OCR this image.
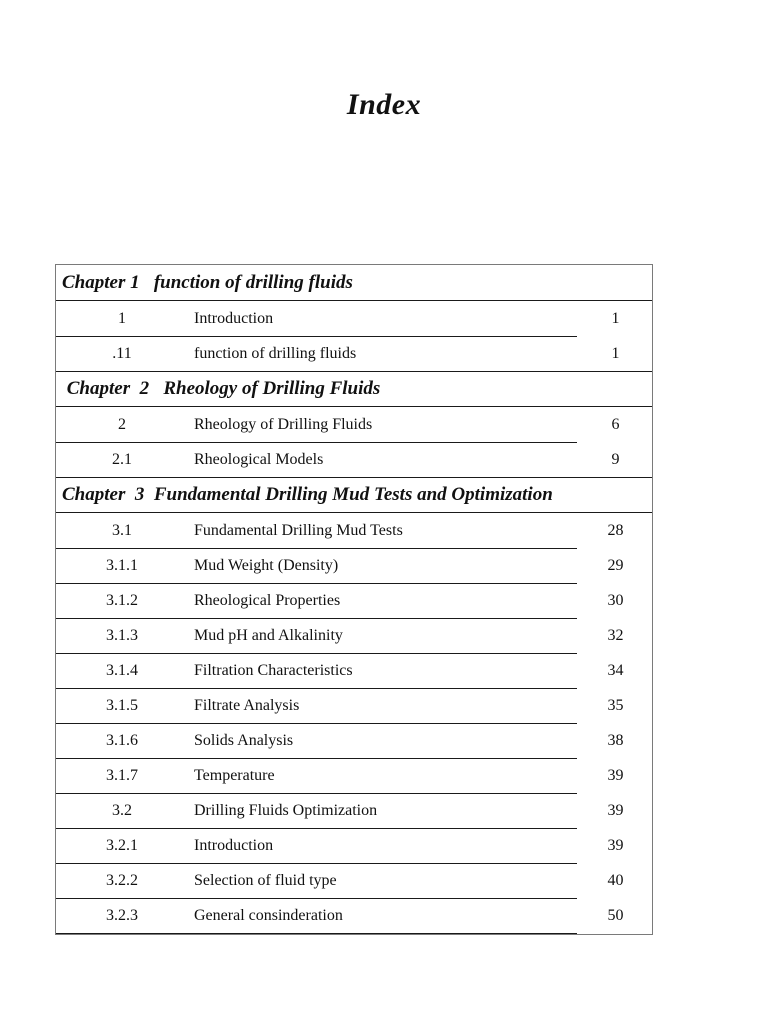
Index
Chapter 1   function of drilling fluids
1	Introduction	1
.11	function of drilling fluids	1
Chapter  2   Rheology of Drilling Fluids
2	Rheology of Drilling Fluids	6
2.1	Rheological Models	9
Chapter  3  Fundamental Drilling Mud Tests and Optimization
3.1	Fundamental Drilling Mud Tests	28
3.1.1	Mud Weight (Density)	29
3.1.2	Rheological Properties	30
3.1.3	Mud pH and Alkalinity	32
3.1.4	Filtration Characteristics	34
3.1.5	Filtrate Analysis	35
3.1.6	Solids Analysis	38
3.1.7	Temperature	39
3.2	Drilling Fluids Optimization	39
3.2.1	Introduction	39
3.2.2	Selection of fluid type	40
3.2.3	General consinderation	50
